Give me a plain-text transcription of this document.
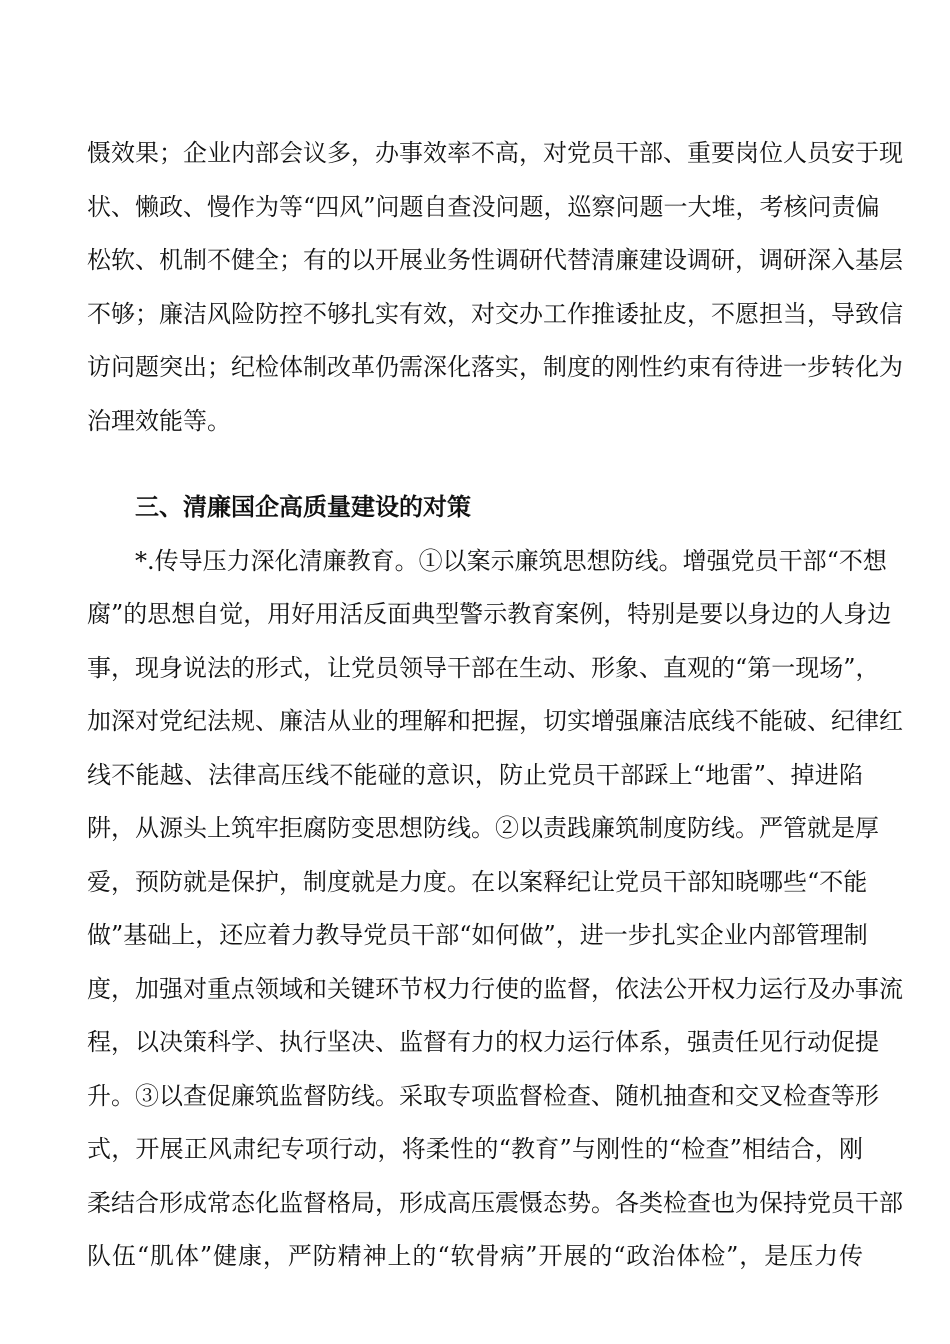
慑效果；企业内部会议多，办事效率不高，对党员干部、重要岗位人员安于现
状、懒政、慢作为等“四风”问题自查没问题，巡察问题一大堆，考核问责偏
松软、机制不健全；有的以开展业务性调研代替清廉建设调研，调研深入基层
不够；廉洁风险防控不够扎实有效，对交办工作推诿扯皮，不愿担当，导致信
访问题突出；纪检体制改革仍需深化落实，制度的刚性约束有待进一步转化为
治理效能等。
三、清廉国企高质量建设的对策
*.传导压力深化清廉教育。①以案示廉筑思想防线。增强党员干部“不想
腐”的思想自觉，用好用活反面典型警示教育案例，特别是要以身边的人身边
事，现身说法的形式，让党员领导干部在生动、形象、直观的“第一现场”，
加深对党纪法规、廉洁从业的理解和把握，切实增强廉洁底线不能破、纪律红
线不能越、法律高压线不能碰的意识，防止党员干部踩上“地雷”、掉进陷
阱，从源头上筑牢拒腐防变思想防线。②以责践廉筑制度防线。严管就是厚
爱，预防就是保护，制度就是力度。在以案释纪让党员干部知晓哪些“不能
做”基础上，还应着力教导党员干部“如何做”，进一步扎实企业内部管理制
度，加强对重点领域和关键环节权力行使的监督，依法公开权力运行及办事流
程，以决策科学、执行坚决、监督有力的权力运行体系，强责任见行动促提
升。③以查促廉筑监督防线。采取专项监督检查、随机抽查和交叉检查等形
式，开展正风肃纪专项行动，将柔性的“教育”与刚性的“检查”相结合，刚
柔结合形成常态化监督格局，形成高压震慑态势。各类检查也为保持党员干部
队伍“肌体”健康，严防精神上的“软骨病”开展的“政治体检”，是压力传
